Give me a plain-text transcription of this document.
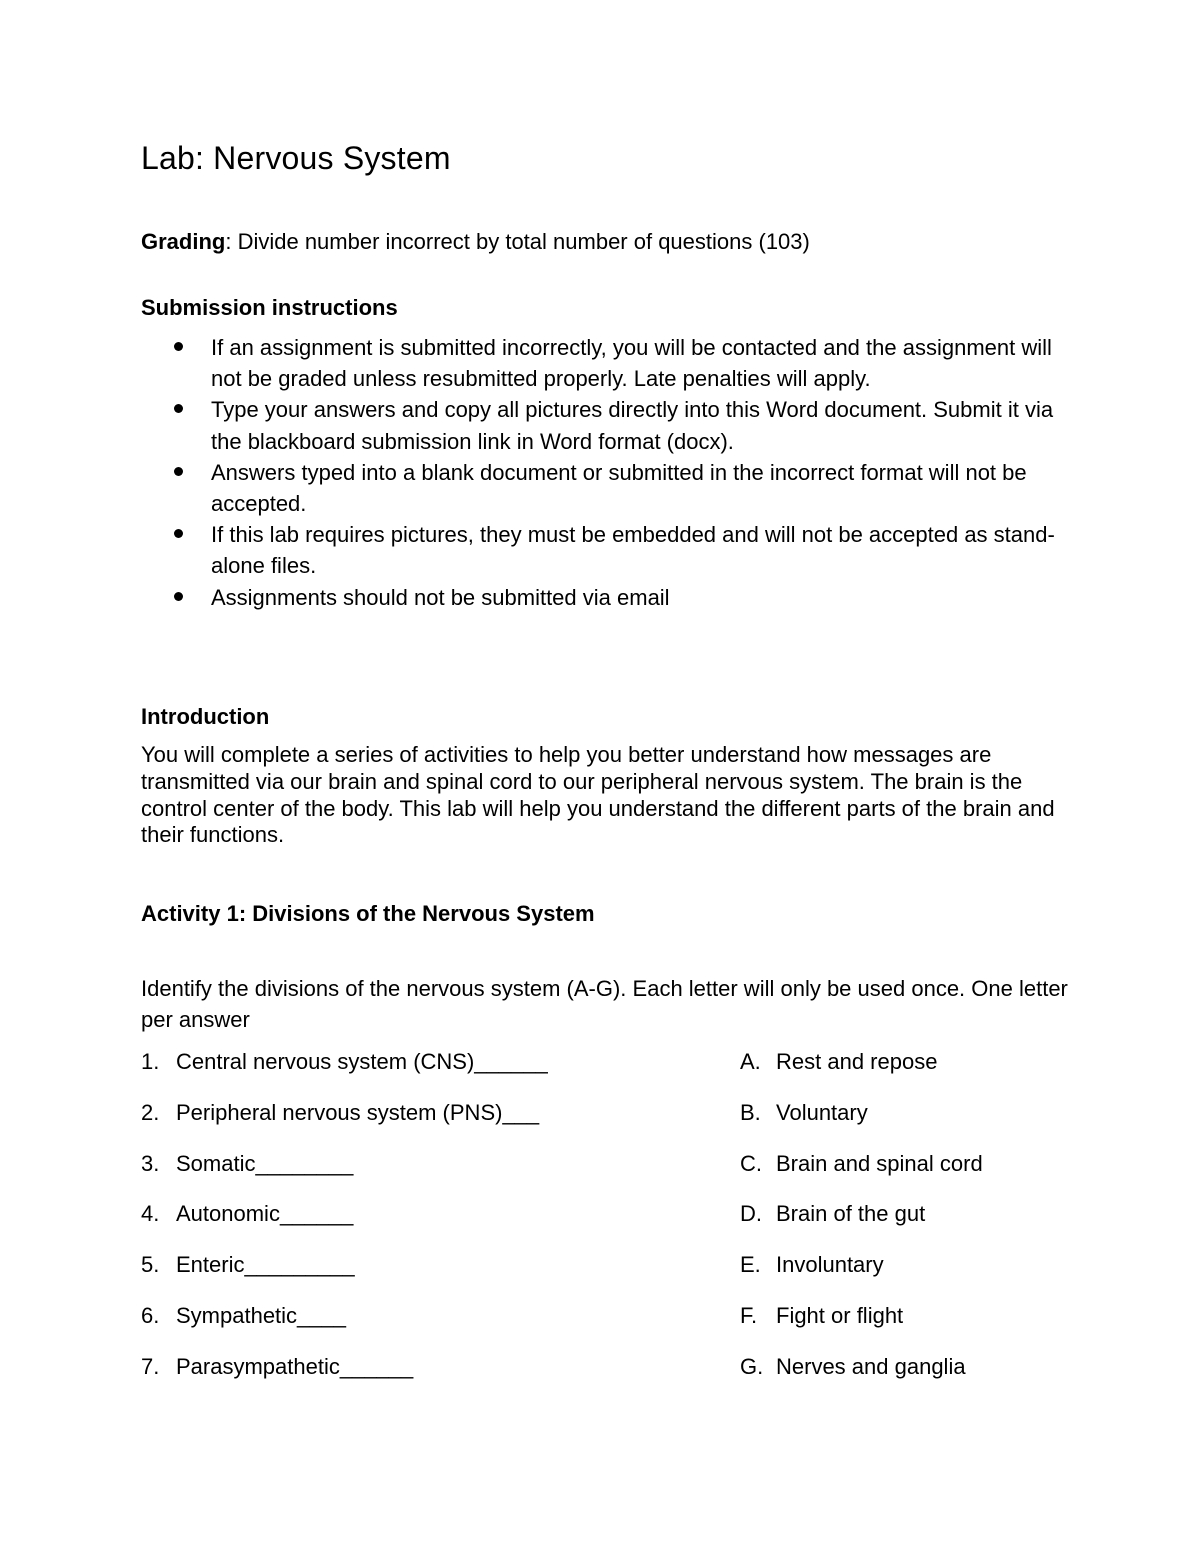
Lab: Nervous System

Grading: Divide number incorrect by total number of questions (103)

Submission instructions
If an assignment is submitted incorrectly, you will be contacted and the assignment will not be graded unless resubmitted properly. Late penalties will apply.
Type your answers and copy all pictures directly into this Word document. Submit it via the blackboard submission link in Word format (docx).
Answers typed into a blank document or submitted in the incorrect format will not be accepted.
If this lab requires pictures, they must be embedded and will not be accepted as stand-alone files.
Assignments should not be submitted via email
Introduction

You will complete a series of activities to help you better understand how messages are transmitted via our brain and spinal cord to our peripheral nervous system. The brain is the control center of the body. This lab will help you understand the different parts of the brain and their functions.

Activity 1: Divisions of the Nervous System

Identify the divisions of the nervous system (A-G). Each letter will only be used once. One letter per answer

1. Central nervous system (CNS)______
2. Peripheral nervous system (PNS)___
3. Somatic________
4. Autonomic______
5. Enteric_________
6. Sympathetic____
7. Parasympathetic______
A. Rest and repose
B. Voluntary
C. Brain and spinal cord
D. Brain of the gut
E. Involuntary
F. Fight or flight
G. Nerves and ganglia
